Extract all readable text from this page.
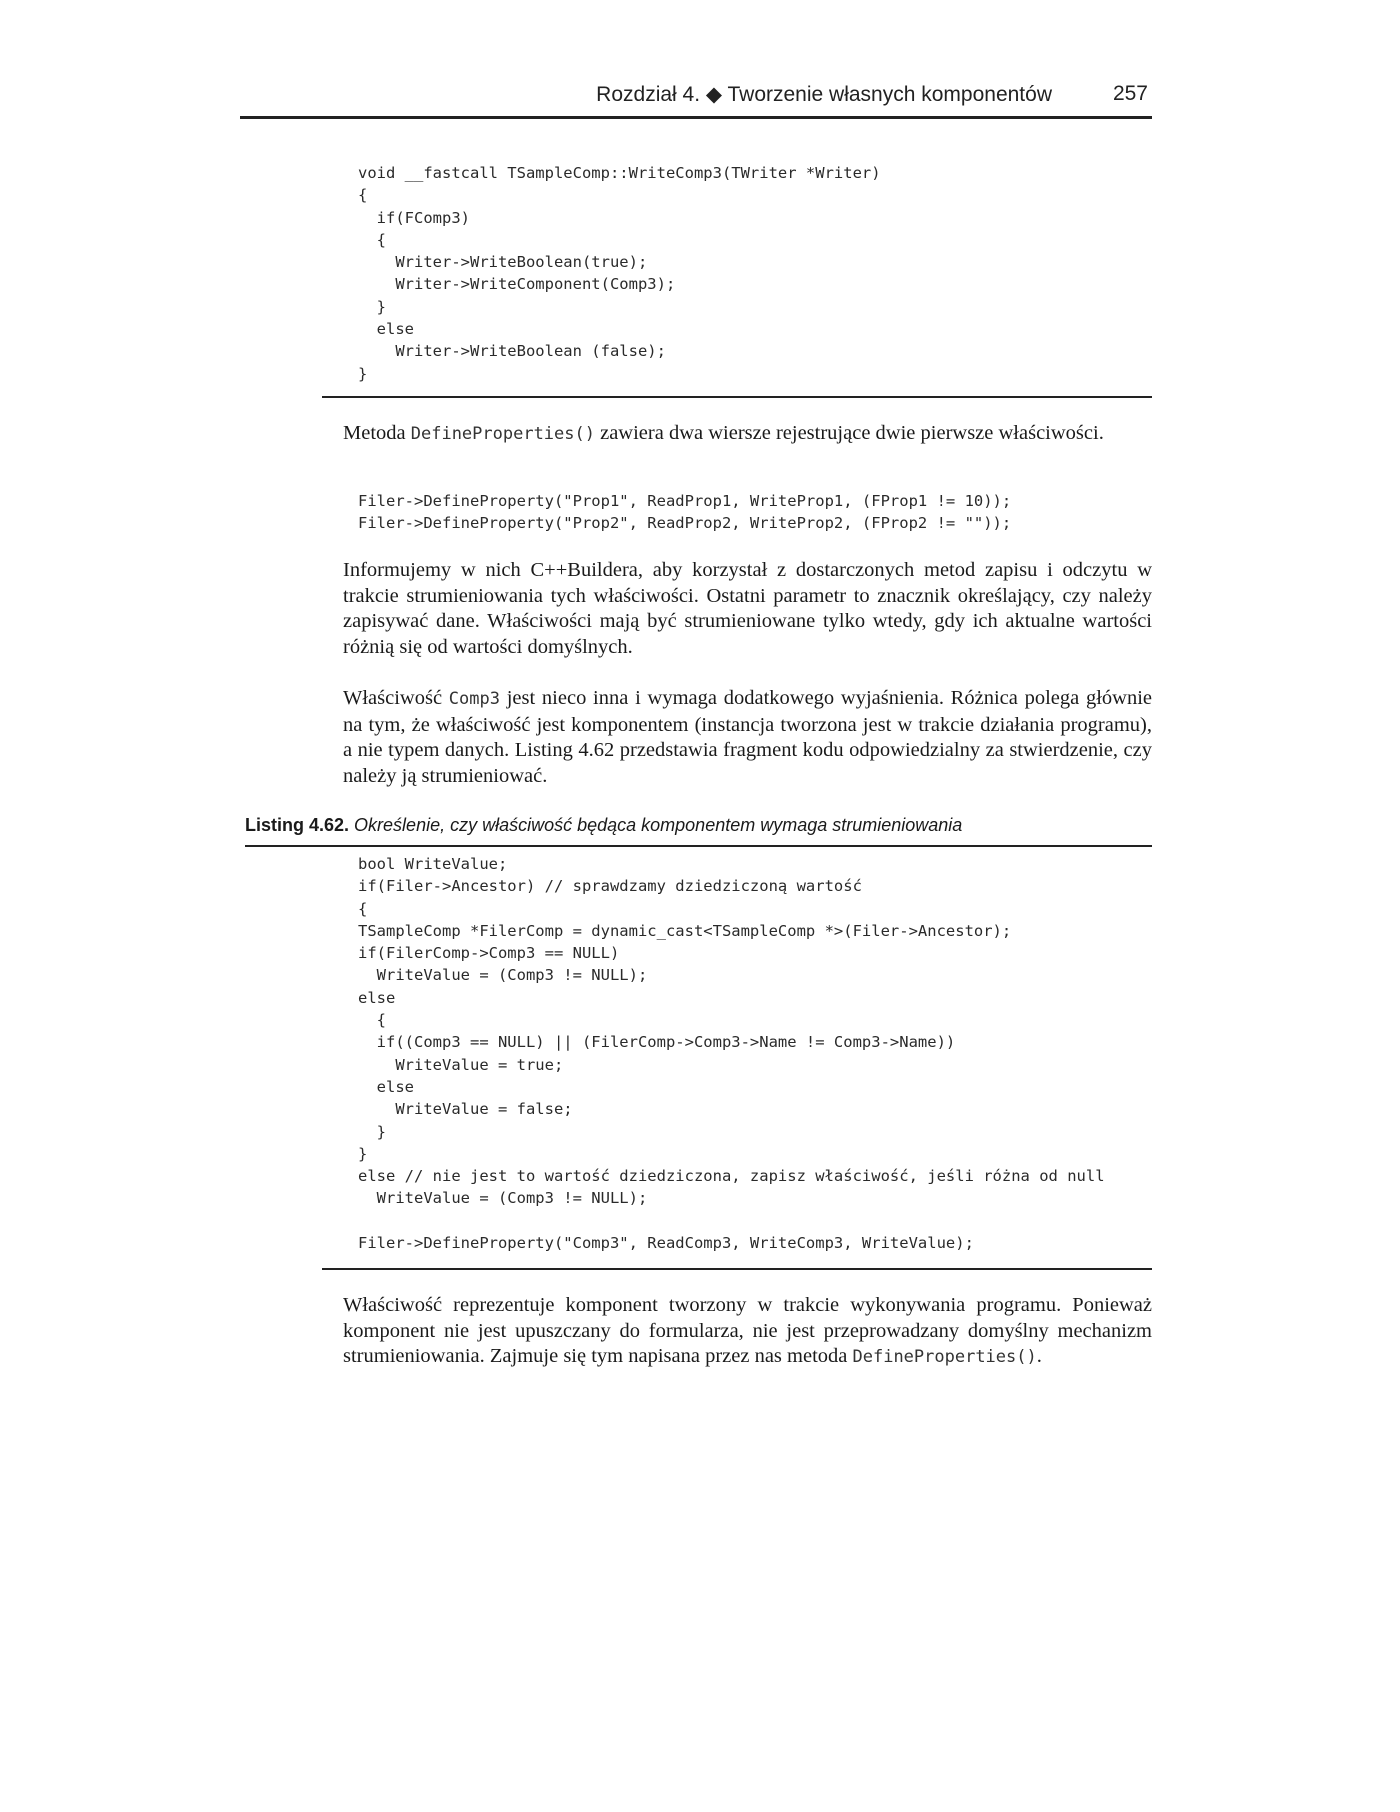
Rozdział 4. ◆ Tworzenie własnych komponentów	257
void __fastcall TSampleComp::WriteComp3(TWriter *Writer)
{
if(FComp3)
{
Writer->WriteBoolean(true);
Writer->WriteComponent(Comp3);
}
else
Writer->WriteBoolean (false);
}

Metoda DefineProperties() zawiera dwa wiersze rejestrujące dwie pierwsze właściwości.

Filer->DefineProperty("Prop1", ReadProp1, WriteProp1, (FProp1 != 10));
Filer->DefineProperty("Prop2", ReadProp2, WriteProp2, (FProp2 != ""));

Informujemy w nich C++Buildera, aby korzystał z dostarczonych metod zapisu i odczytu w trakcie strumieniowania tych właściwości. Ostatni parametr to znacznik określający, czy należy zapisywać dane. Właściwości mają być strumieniowane tylko wtedy, gdy ich aktualne wartości różnią się od wartości domyślnych.

Właściwość Comp3 jest nieco inna i wymaga dodatkowego wyjaśnienia. Różnica polega głównie na tym, że właściwość jest komponentem (instancja tworzona jest w trakcie działania programu), a nie typem danych. Listing 4.62 przedstawia fragment kodu odpowiedzialny za stwierdzenie, czy należy ją strumieniować.

Listing 4.62. Określenie, czy właściwość będąca komponentem wymaga strumieniowania
bool WriteValue;
if(Filer->Ancestor) // sprawdzamy dziedziczoną wartość
{
TSampleComp *FilerComp = dynamic_cast<TSampleComp *>(Filer->Ancestor);
if(FilerComp->Comp3 == NULL)
WriteValue = (Comp3 != NULL);
else
{
if((Comp3 == NULL) || (FilerComp->Comp3->Name != Comp3->Name))
WriteValue = true;
else
WriteValue = false;
}
}
else // nie jest to wartość dziedziczona, zapisz właściwość, jeśli różna od null
WriteValue = (Comp3 != NULL);

Filer->DefineProperty("Comp3", ReadComp3, WriteComp3, WriteValue);

Właściwość reprezentuje komponent tworzony w trakcie wykonywania programu. Ponieważ komponent nie jest upuszczany do formularza, nie jest przeprowadzany domyślny mechanizm strumieniowania. Zajmuje się tym napisana przez nas metoda DefineProperties().
